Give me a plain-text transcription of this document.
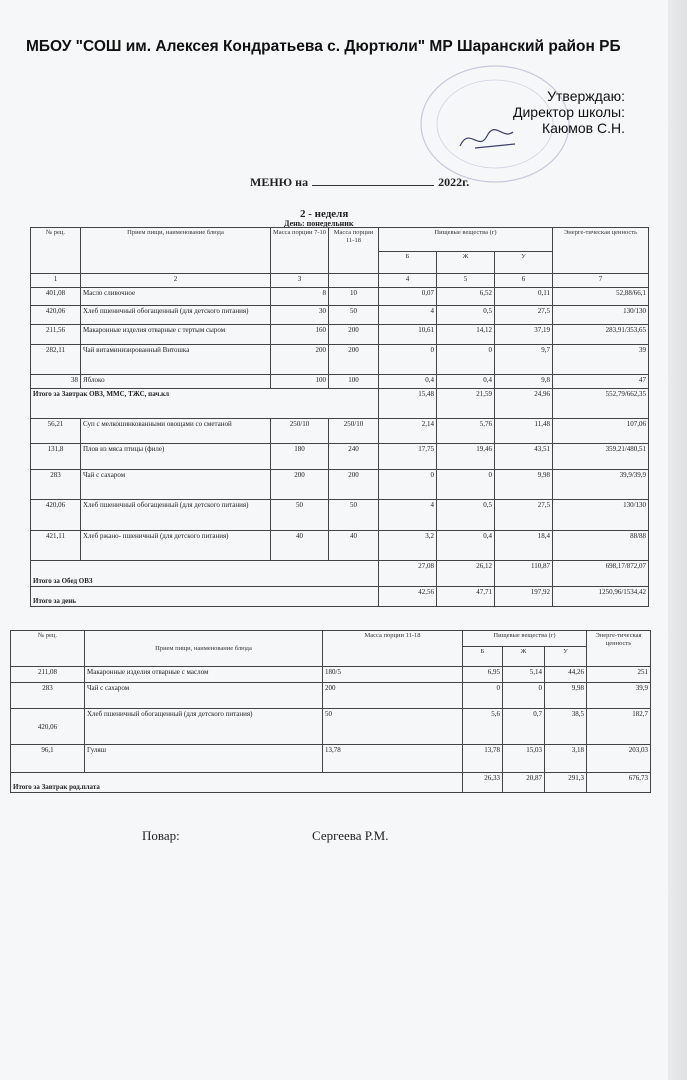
МБОУ "СОШ им. Алексея Кондратьева с. Дюртюли" МР Шаранский район РБ
Утверждаю:
Директор школы:
Каюмов С.Н.
МЕНЮ на	2022г.
2 - неделя
День: понедельник
№ рец.	Прием пищи, наименование блюда	Масса порции 7-10	Масса порции 11-18	Пищевые вещества (г)			Энерге-тическая ценность
				Б	Ж	У	
1	2	3		4	5	6	7
401,08	Масло сливочное	8	10	0,07	6,52	0,11	52,88/66,1
420,06	Хлеб пшеничный обогащенный (для детского питания)	30	50	4	0,5	27,5	130/130
211,56	Макаронные изделия отварные с тертым сыром	160	200	10,61	14,12	37,19	283,91/353,65
282,11	Чай витаминизированный Витошка	200	200	0	0	9,7	39
38	Яблоко	100	100	0,4	0,4	9,8	47
Итого за Завтрак ОВЗ, ММС, ТЖС, пач.кл				15,48	21,59	24,96	552,79/662,35
56,21	Суп с мелкошинкованными овощами со сметаной	250/10	250/10	2,14	5,76	11,48	107,06
131,8	Плов из мяса птицы (филе)	180	240	17,75	19,46	43,51	359,21/480,51
283	Чай с сахаром	200	200	0	0	9,98	39,9/39,9
420,06	Хлеб пшеничный обогащенный (для детского питания)	50	50	4	0,5	27,5	130/130
421,11	Хлеб ржано- пшеничный (для детского питания)	40	40	3,2	0,4	18,4	88/88
Итого за Обед ОВЗ				27,08	26,12	110,87	698,17/872,07
Итого за день				42,56	47,71	197,92	1250,96/1534,42
№ рец.	Прием пищи, наименование блюда	Масса порции 11-18	Пищевые вещества (г)			Энерге-тическая ценность
			Б	Ж	У	
211,08	Макаронные изделия отварные с маслом	180/5	6,95	5,14	44,26	251
283	Чай с сахаром	200	0	0	9,98	39,9
420,06	Хлеб пшеничный обогащенный (для детского питания)	50	5,6	0,7	38,5	182,7
96,1	Гуляш	13,78	13,78	15,03	3,18	203,03
Итого за Завтрак род.плата			26,33	20,87	291,3	676,73
Повар:	Сергеева Р.М.
